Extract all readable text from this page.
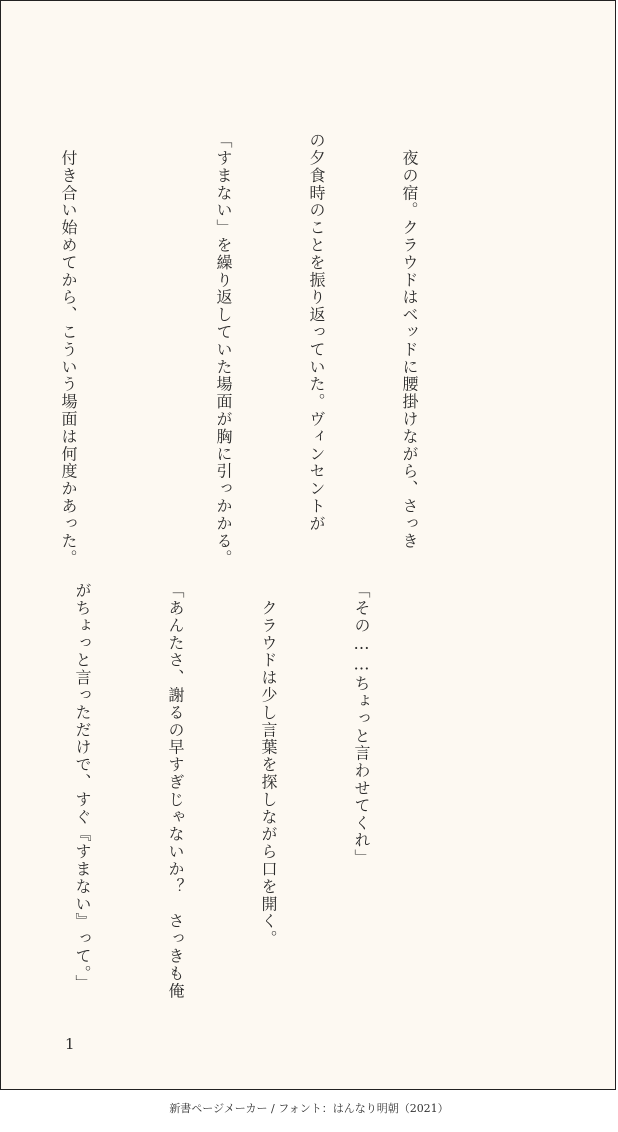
　夜の宿。クラウドはベッドに腰掛けながら、さっき

の夕食時のことを振り返っていた。ヴィンセントが

「すまない」を繰り返していた場面が胸に引っかかる。

　付き合い始めてから、こういう場面は何度かあった。

「その……ちょっと言わせてくれ」

　クラウドは少し言葉を探しながら口を開く。

「あんたさ、謝るの早すぎじゃないか？　さっきも俺

がちょっと言っただけで、すぐ『すまない』って。」

1
新書ページメーカー / フォント：はんなり明朝（2021）
